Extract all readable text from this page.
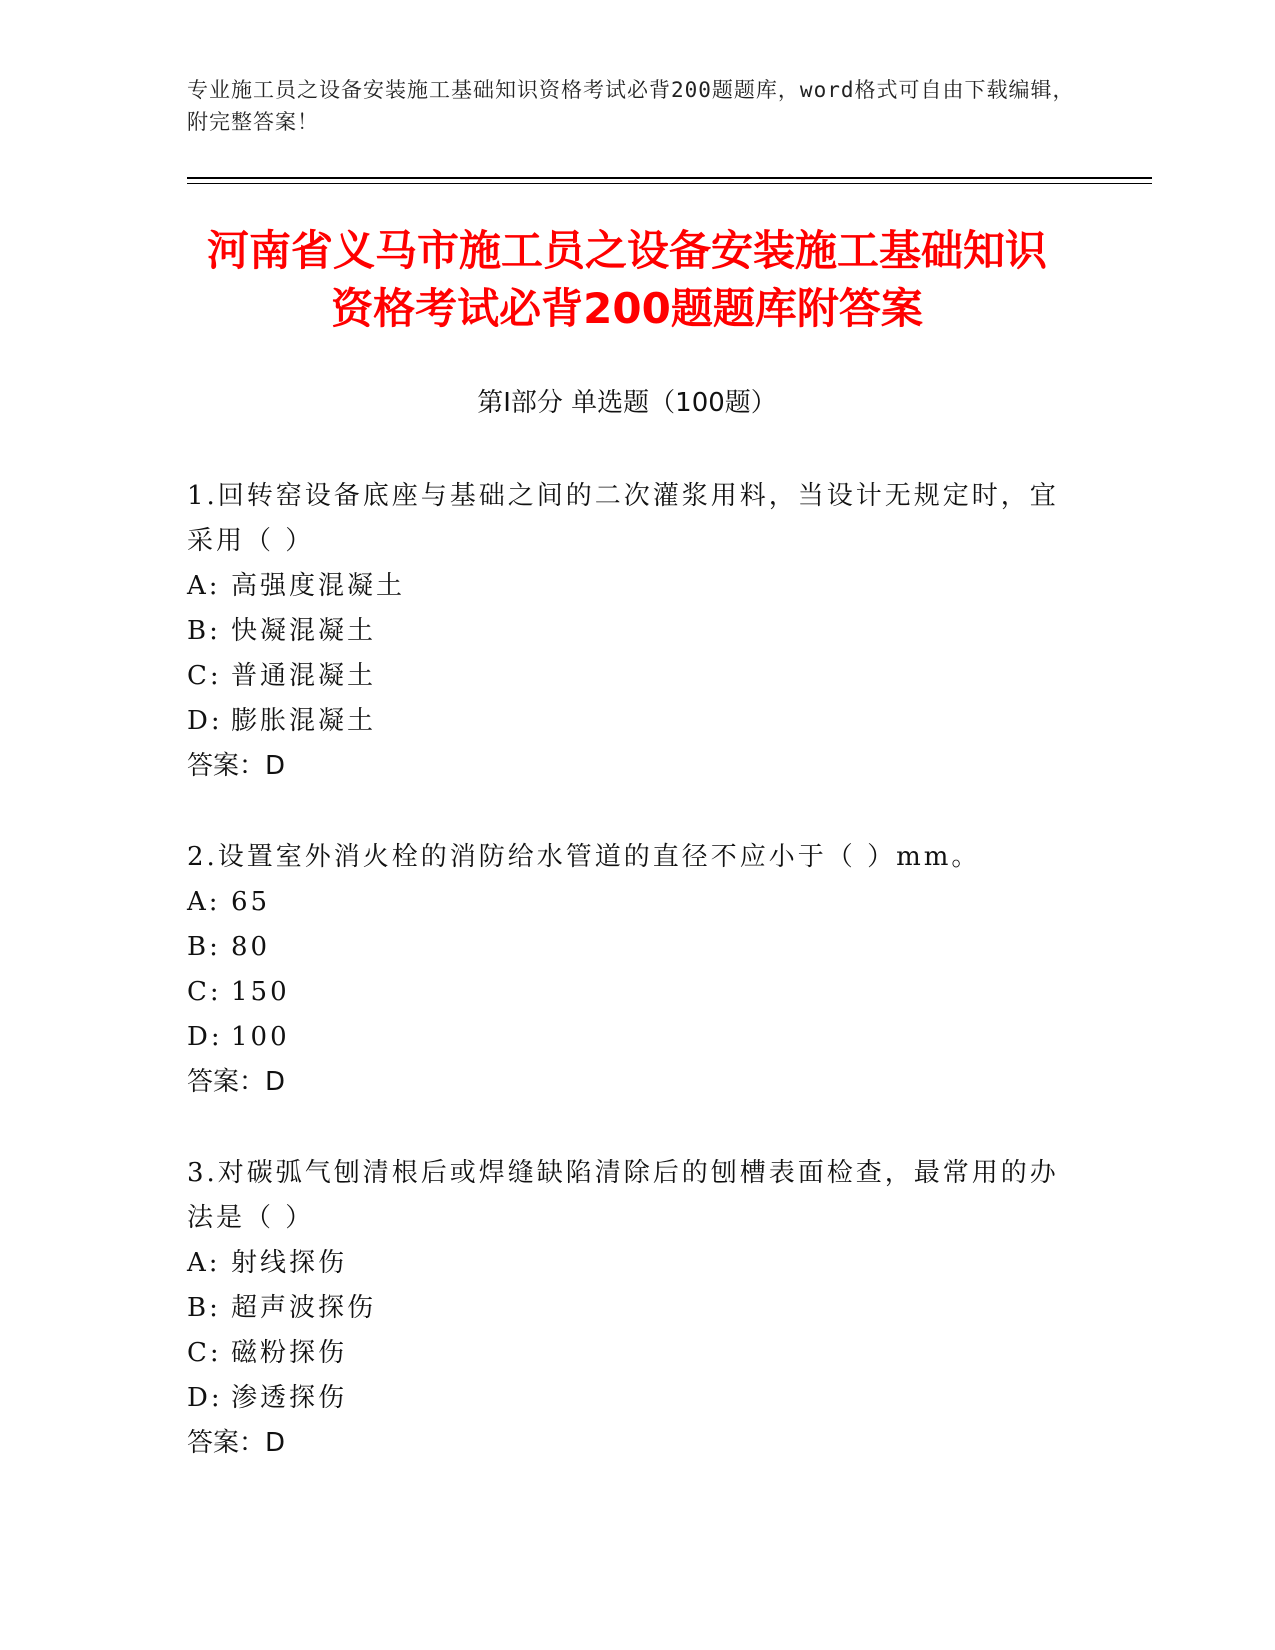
专业施工员之设备安装施工基础知识资格考试必背200题题库，word格式可自由下载编辑，附完整答案！
河南省义马市施工员之设备安装施工基础知识资格考试必背200题题库附答案
第Ⅰ部分 单选题（100题）

1.回转窑设备底座与基础之间的二次灌浆用料，当设计无规定时，宜采用（ ）

A: 高强度混凝土

B: 快凝混凝土

C: 普通混凝土

D: 膨胀混凝土

答案：D

2.设置室外消火栓的消防给水管道的直径不应小于（ ）mm。

A: 65

B: 80

C: 150

D: 100

答案：D

3.对碳弧气刨清根后或焊缝缺陷清除后的刨槽表面检查，最常用的办法是（ ）

A: 射线探伤

B: 超声波探伤

C: 磁粉探伤

D: 渗透探伤

答案：D
